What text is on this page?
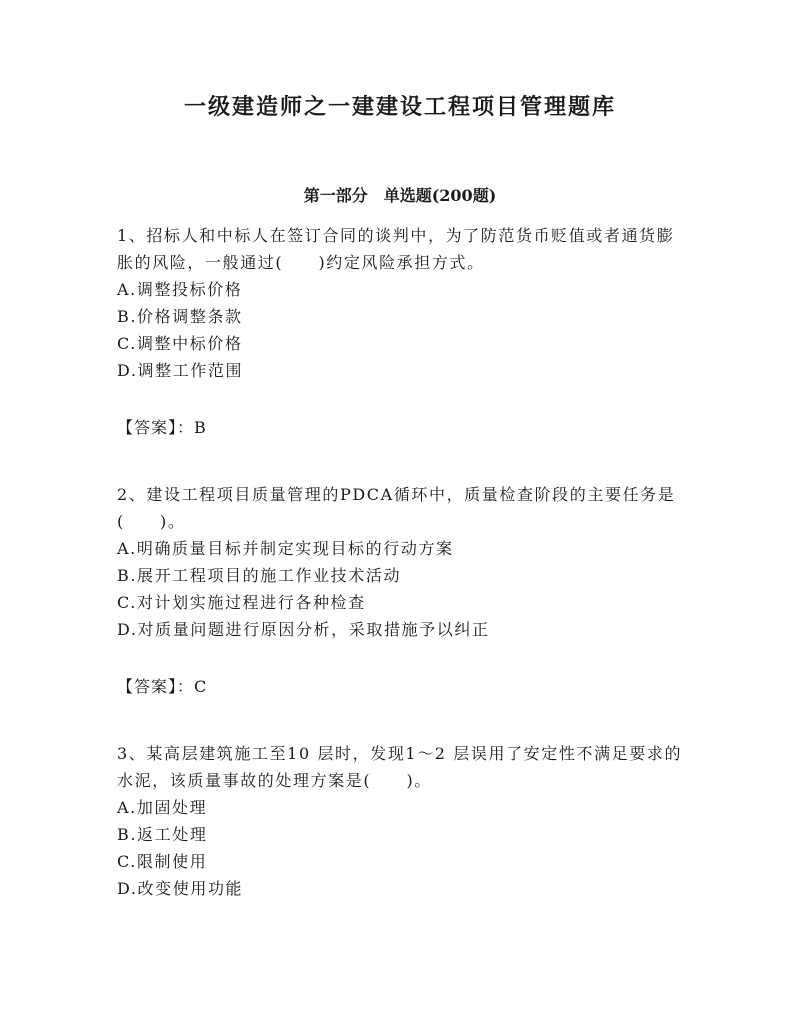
一级建造师之一建建设工程项目管理题库
第一部分　单选题(200题)

1、招标人和中标人在签订合同的谈判中，为了防范货币贬值或者通货膨胀的风险，一般通过(　　)约定风险承担方式。

A.调整投标价格

B.价格调整条款

C.调整中标价格

D.调整工作范围

【答案】：B

2、建设工程项目质量管理的PDCA循环中，质量检查阶段的主要任务是(　　)。

A.明确质量目标并制定实现目标的行动方案

B.展开工程项目的施工作业技术活动

C.对计划实施过程进行各种检查

D.对质量问题进行原因分析，采取措施予以纠正

【答案】：C

3、某高层建筑施工至10 层时，发现1～2 层误用了安定性不满足要求的水泥，该质量事故的处理方案是(　　)。

A.加固处理

B.返工处理

C.限制使用

D.改变使用功能
